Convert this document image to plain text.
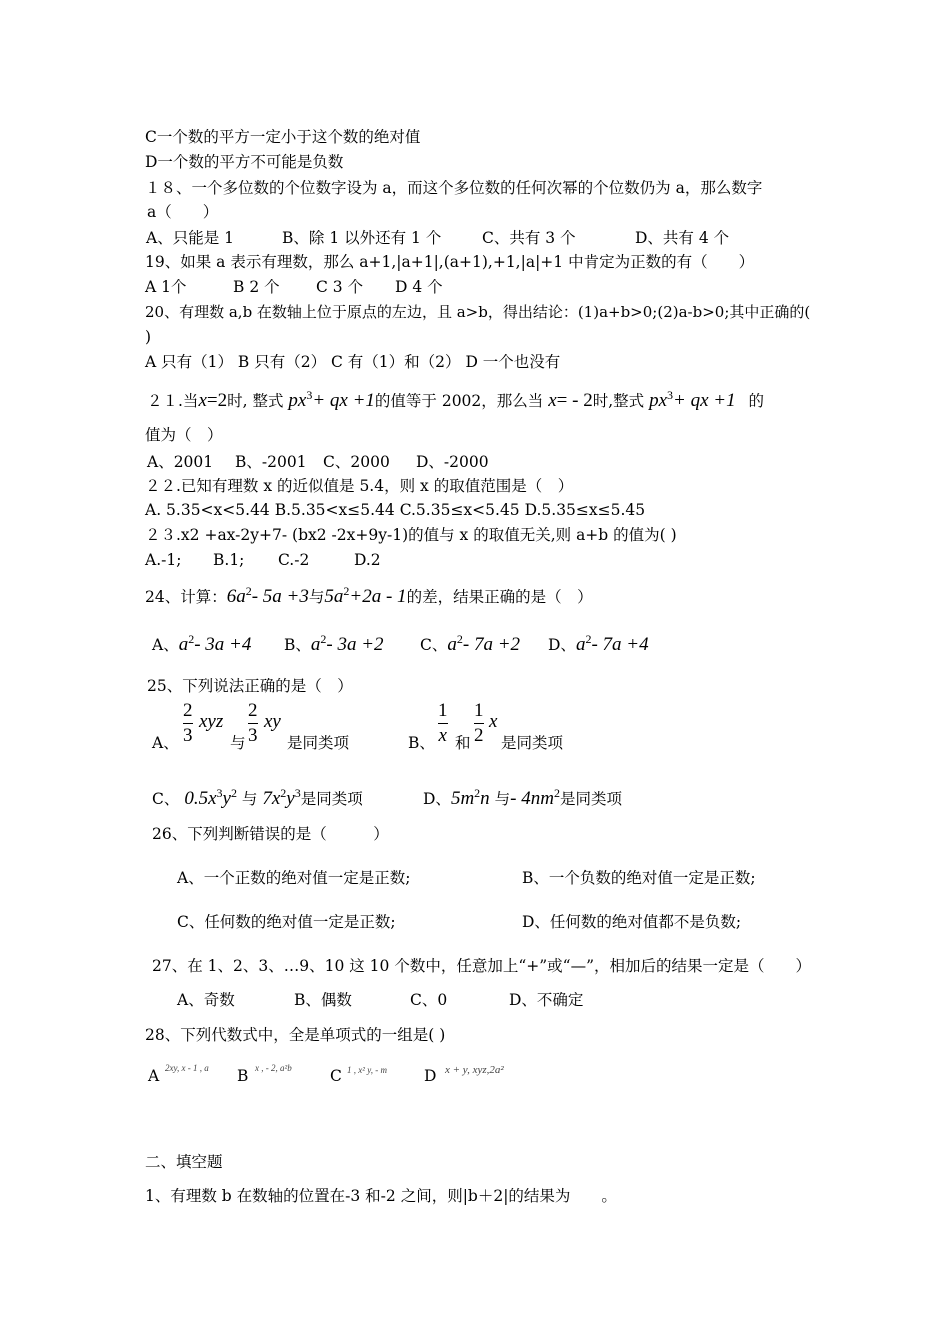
C一个数的平方一定小于这个数的绝对值
D一个数的平方不可能是负数
１８、一个多位数的个位数字设为 a，而这个多位数的任何次幂的个位数仍为 a，那么数字
a（　　）
A、只能是 1	B、除 1 以外还有 1 个	C、共有 3 个	D、共有 4 个
19、如果 a 表示有理数，那么 a+1,|a+1|,(a+1),+1,|a|+1 中肯定为正数的有（　　）
A 1个	B 2 个 C 3 个 D 4 个
20、有理数 a,b 在数轴上位于原点的左边，且 a>b，得出结论：(1)a+b>0;(2)a-b>0;其中正确的(
)
A 只有（1） B 只有（2） C 有（1）和（2） D 一个也没有
２１.当x=2时, 整式 $px^3+$ qx +1的值等于 2002，那么当 x= - 2时,整式 $px^3+$ qx +1 的
值为（　）
A、2001 B、-2001 C、2000 D、-2000
２２.已知有理数 x 的近似值是 5.4，则 x 的取值范围是（　）
A. 5.35<x<5.44 B.5.35<x≤5.44 C.5.35≤x<5.45 D.5.35≤x≤5.45
２３.x2 +ax-2y+7- (bx2 -2x+9y-1)的值与 x 的取值无关,则 a+b 的值为( )
A.-1; B.1; C.-2	D.2
24、计算：$6a^2-$ 5a +3与$5a^2+2a - 1$的差，结果正确的是（　）
A、$a^2-$ 3a +4 B、$a^2-$ 3a +2 C、$a^2-$ 7a +2 D、$a^2-$ 7a +4
25、下列说法正确的是（　）
A、
2
3
xyz
与
2
3
xy
是同类项	B、
1
x 和
1
2
x
是同类项
C、 $0.5x^3y^2$ 与 $7x^2y^3$是同类项	D、$5m^2n$ 与- $4nm^2$是同类项
26、下列判断错误的是（　　　）
A、一个正数的绝对值一定是正数;	B、一个负数的绝对值一定是正数;
C、任何数的绝对值一定是正数;	D、任何数的绝对值都不是负数;
27、在 1、2、3、…9、10 这 10 个数中，任意加上“+”或“—”，相加后的结果一定是（　　）
A、奇数	B、偶数	C、0	D、不确定
28、下列代数式中，全是单项式的一组是( )
A 2xy, x - 1 , a B x , - 2, a²b C 1 , x² y, - m D x + y, xyz,2a²
二、填空题
1、有理数 b 在数轴的位置在-3 和-2 之间，则|b＋2|的结果为　　。
